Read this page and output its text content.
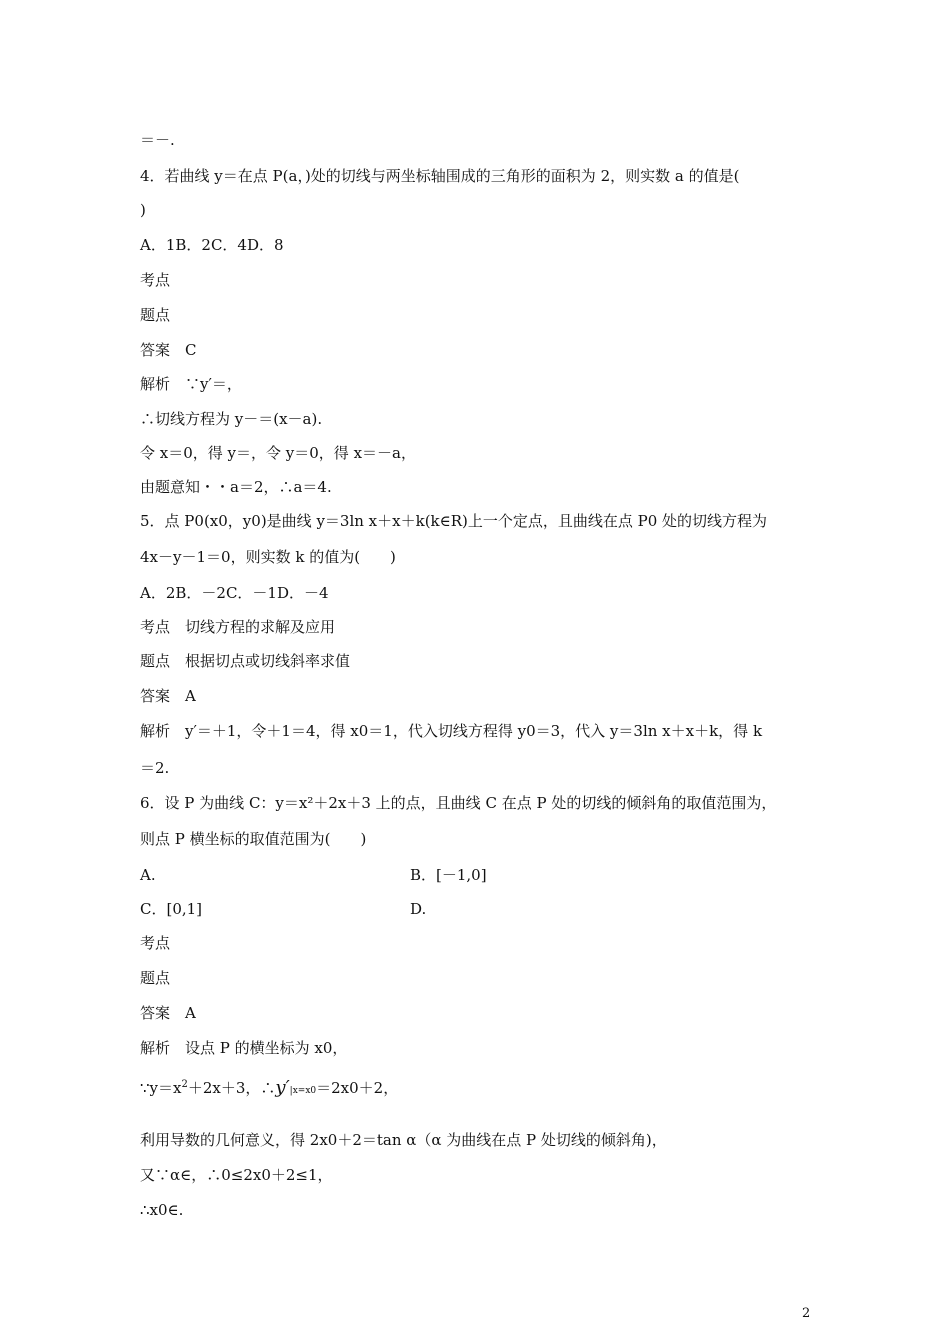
＝－.
4．若曲线 y＝在点 P(a，)处的切线与两坐标轴围成的三角形的面积为 2，则实数 a 的值是(
)
A．1B．2C．4D．8
考点
题点
答案　C
解析　∵y′＝，
∴切线方程为 y－＝(x－a).
令 x＝0，得 y＝，令 y＝0，得 x＝－a，
由题意知・・a＝2，∴a＝4.
5．点 P0(x0，y0)是曲线 y＝3ln x＋x＋k(k∈R)上一个定点，且曲线在点 P0 处的切线方程为
4x－y－1＝0，则实数 k 的值为(　　)
A．2B．－2C．－1D．－4
考点　切线方程的求解及应用
题点　根据切点或切线斜率求值
答案　A
解析　y′＝＋1，令＋1＝4，得 x0＝1，代入切线方程得 y0＝3，代入 y＝3ln x＋x＋k，得 k
＝2.
6．设 P 为曲线 C：y＝x²＋2x＋3 上的点，且曲线 C 在点 P 处的切线的倾斜角的取值范围为，
则点 P 横坐标的取值范围为(　　)
A.	B．[－1,0]
C．[0,1]	D.
考点
题点
答案　A
解析　设点 P 的横坐标为 x0，
$\because y=x^2+2x+3$，∴y′|x=x0＝2x0＋2，
利用导数的几何意义，得 2x0＋2＝tan α（α 为曲线在点 P 处切线的倾斜角)，
又∵α∈，∴0≤2x0＋2≤1，
∴x0∈.
2
